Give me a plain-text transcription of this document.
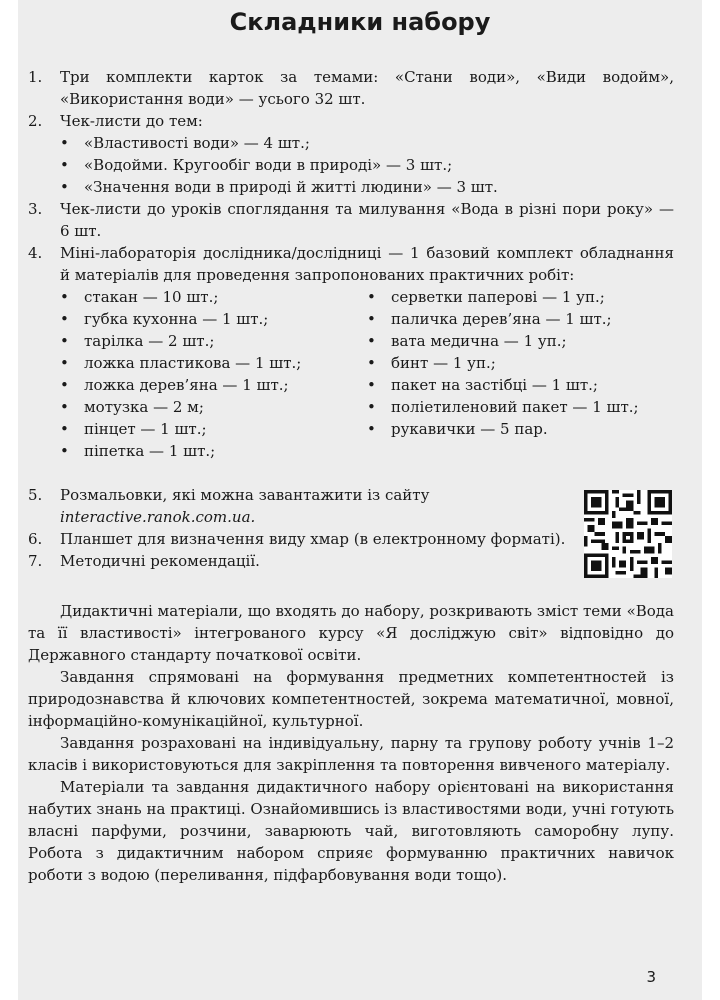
Складники набору
1.	Три комплекти карток за темами: «Стани води», «Види водойм», «Використання води» — усього 32 шт.
2.	Чек-листи до тем:
•	«Властивості води» — 4 шт.;
•	«Водойми. Кругообіг води в природі» — 3 шт.;
•	«Значення води в природі й житті людини» — 3 шт.
3.	Чек-листи до уроків споглядання та милування «Вода в різні пори року» — 6 шт.
4.	Міні-лабораторія дослідника/дослідниці — 1 базовий комплект обладнання й матеріалів для проведення запропонованих практичних робіт:
•	стакан — 10 шт.;
•	губка кухонна — 1 шт.;
•	тарілка — 2 шт.;
•	ложка пластикова — 1 шт.;
•	ложка дерев’яна — 1 шт.;
•	мотузка — 2 м;
•	пінцет — 1 шт.;
•	піпетка — 1 шт.;
•	серветки паперові — 1 уп.;
•	паличка дерев’яна — 1 шт.;
•	вата медична — 1 уп.;
•	бинт — 1 уп.;
•	пакет на застібці — 1 шт.;
•	поліетиленовий пакет — 1 шт.;
•	рукавички — 5 пар.
5.	Розмальовки, які можна завантажити із сайту
interactive.ranok.com.ua.
6.	Планшет для визначення виду хмар (в електронному форматі).
7.	Методичні рекомендації.
Дидактичні матеріали, що входять до набору, розкривають зміст теми «Вода та її властивості» інтегрованого курсу «Я досліджую світ» відповідно до Державного стандарту початкової освіти.
Завдання спрямовані на формування предметних компетентностей із природознавства й ключових компетентностей, зокрема математичної, мовної, інформаційно-комунікаційної, культурної.
Завдання розраховані на індивідуальну, парну та групову роботу учнів 1–2 класів і використовуються для закріплення та повторення вивченого матеріалу.
Матеріали та завдання дидактичного набору орієнтовані на використання набутих знань на практиці. Ознайомившись із властивостями води, учні готують власні парфуми, розчини, заварюють чай, виготовляють саморобну лупу. Робота з дидактичним набором сприяє формуванню практичних навичок роботи з водою (переливання, підфарбовування води тощо).
3
